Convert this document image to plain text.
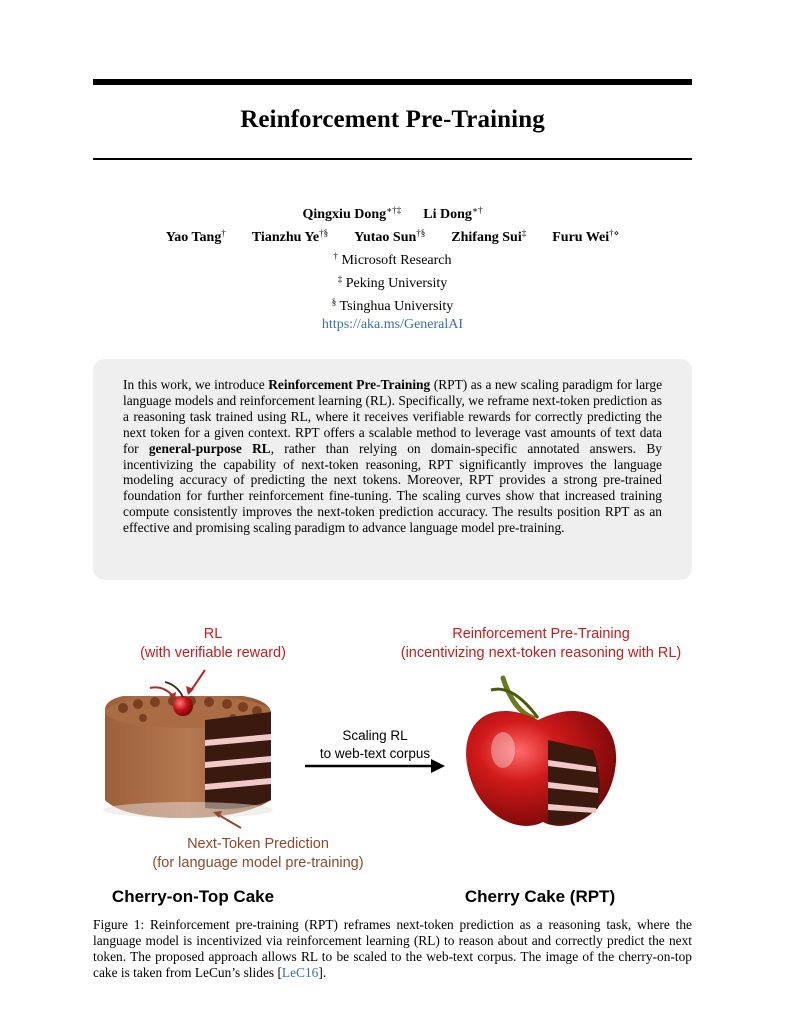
Reinforcement Pre-Training
Qingxiu Dong∗†‡ Li Dong∗†
Yao Tang† Tianzhu Ye†§ Yutao Sun†§ Zhifang Sui‡ Furu Wei†⋄
† Microsoft Research
‡ Peking University
§ Tsinghua University
https://aka.ms/GeneralAI
In this work, we introduce Reinforcement Pre-Training (RPT) as a new scaling paradigm for large language models and reinforcement learning (RL). Specifically, we reframe next-token prediction as a reasoning task trained using RL, where it receives verifiable rewards for correctly predicting the next token for a given context. RPT offers a scalable method to leverage vast amounts of text data for general-purpose RL, rather than relying on domain-specific annotated answers. By incentivizing the capability of next-token reasoning, RPT significantly improves the language modeling accuracy of predicting the next tokens. Moreover, RPT provides a strong pre-trained foundation for further reinforcement fine-tuning. The scaling curves show that increased training compute consistently improves the next-token prediction accuracy. The results position RPT as an effective and promising scaling paradigm to advance language model pre-training.
RL
(with verifiable reward)
Reinforcement Pre-Training
(incentivizing next-token reasoning with RL)
Scaling RL
to web-text corpus
Next-Token Prediction
(for language model pre-training)
Cherry-on-Top Cake	Cherry Cake (RPT)
Figure 1: Reinforcement pre-training (RPT) reframes next-token prediction as a reasoning task, where the language model is incentivized via reinforcement learning (RL) to reason about and correctly predict the next token. The proposed approach allows RL to be scaled to the web-text corpus. The image of the cherry-on-top cake is taken from LeCun’s slides [LeC16].
